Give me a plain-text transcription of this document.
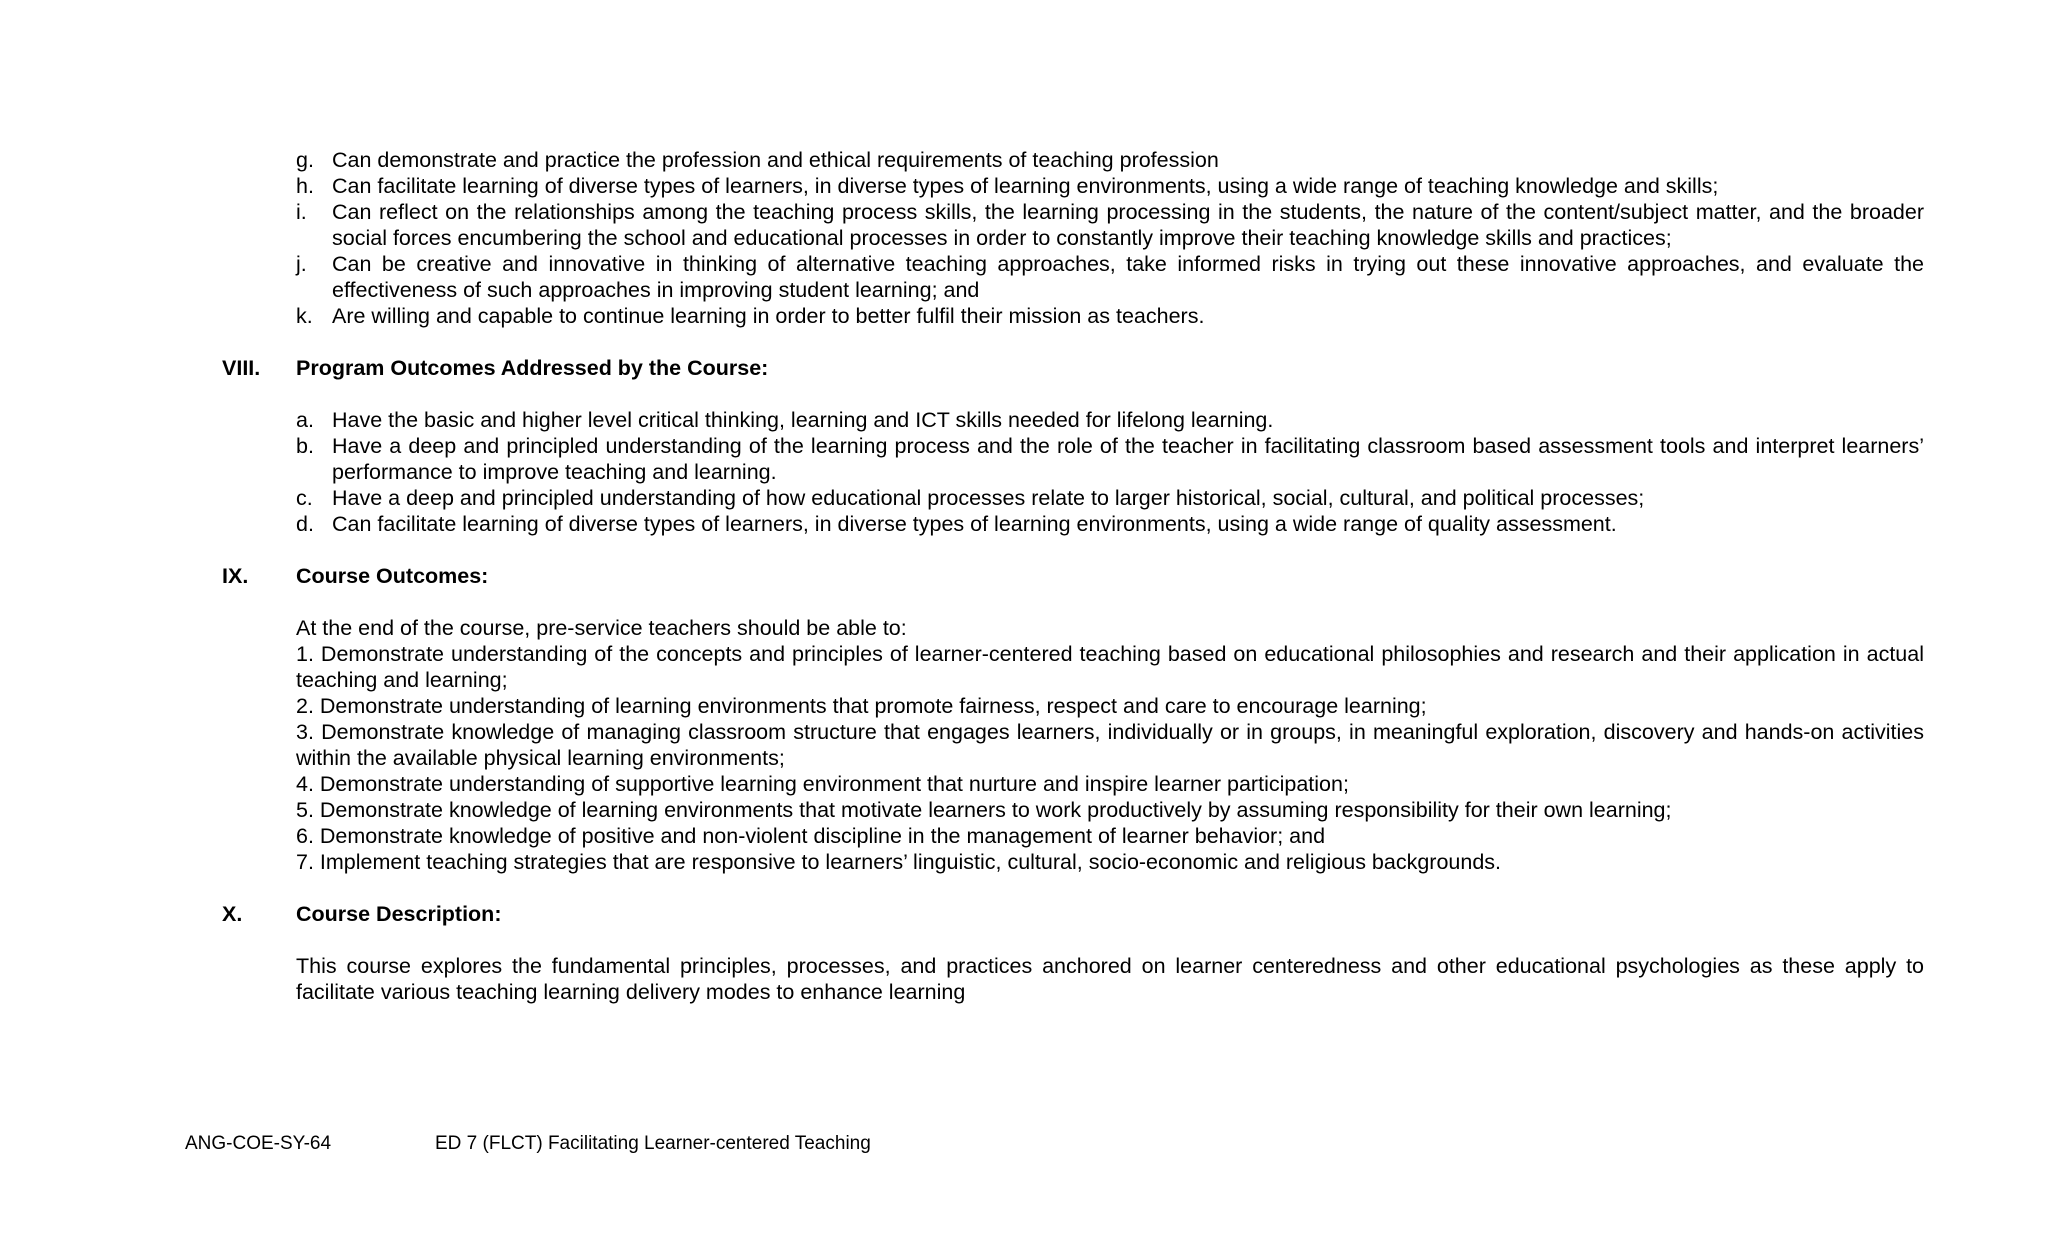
g. Can demonstrate and practice the profession and ethical requirements of teaching profession
h. Can facilitate learning of diverse types of learners, in diverse types of learning environments, using a wide range of teaching knowledge and skills;
i. Can reflect on the relationships among the teaching process skills, the learning processing in the students, the nature of the content/subject matter, and the broader social forces encumbering the school and educational processes in order to constantly improve their teaching knowledge skills and practices;
j. Can be creative and innovative in thinking of alternative teaching approaches, take informed risks in trying out these innovative approaches, and evaluate the effectiveness of such approaches in improving student learning; and
k. Are willing and capable to continue learning in order to better fulfil their mission as teachers.
VIII. Program Outcomes Addressed by the Course:
a. Have the basic and higher level critical thinking, learning and ICT skills needed for lifelong learning.
b. Have a deep and principled understanding of the learning process and the role of the teacher in facilitating classroom based assessment tools and interpret learners’ performance to improve teaching and learning.
c. Have a deep and principled understanding of how educational processes relate to larger historical, social, cultural, and political processes;
d. Can facilitate learning of diverse types of learners, in diverse types of learning environments, using a wide range of quality assessment.
IX. Course Outcomes:

At the end of the course, pre-service teachers should be able to:

1. Demonstrate understanding of the concepts and principles of learner-centered teaching based on educational philosophies and research and their application in actual teaching and learning;

2. Demonstrate understanding of learning environments that promote fairness, respect and care to encourage learning;

3. Demonstrate knowledge of managing classroom structure that engages learners, individually or in groups, in meaningful exploration, discovery and hands-on activities within the available physical learning environments;

4. Demonstrate understanding of supportive learning environment that nurture and inspire learner participation;

5. Demonstrate knowledge of learning environments that motivate learners to work productively by assuming responsibility for their own learning;

6. Demonstrate knowledge of positive and non-violent discipline in the management of learner behavior; and

7. Implement teaching strategies that are responsive to learners’ linguistic, cultural, socio-economic and religious backgrounds.

X. Course Description:

This course explores the fundamental principles, processes, and practices anchored on learner centeredness and other educational psychologies as these apply to facilitate various teaching learning delivery modes to enhance learning

ANG-COE-SY-64	ED 7 (FLCT) Facilitating Learner-centered Teaching
